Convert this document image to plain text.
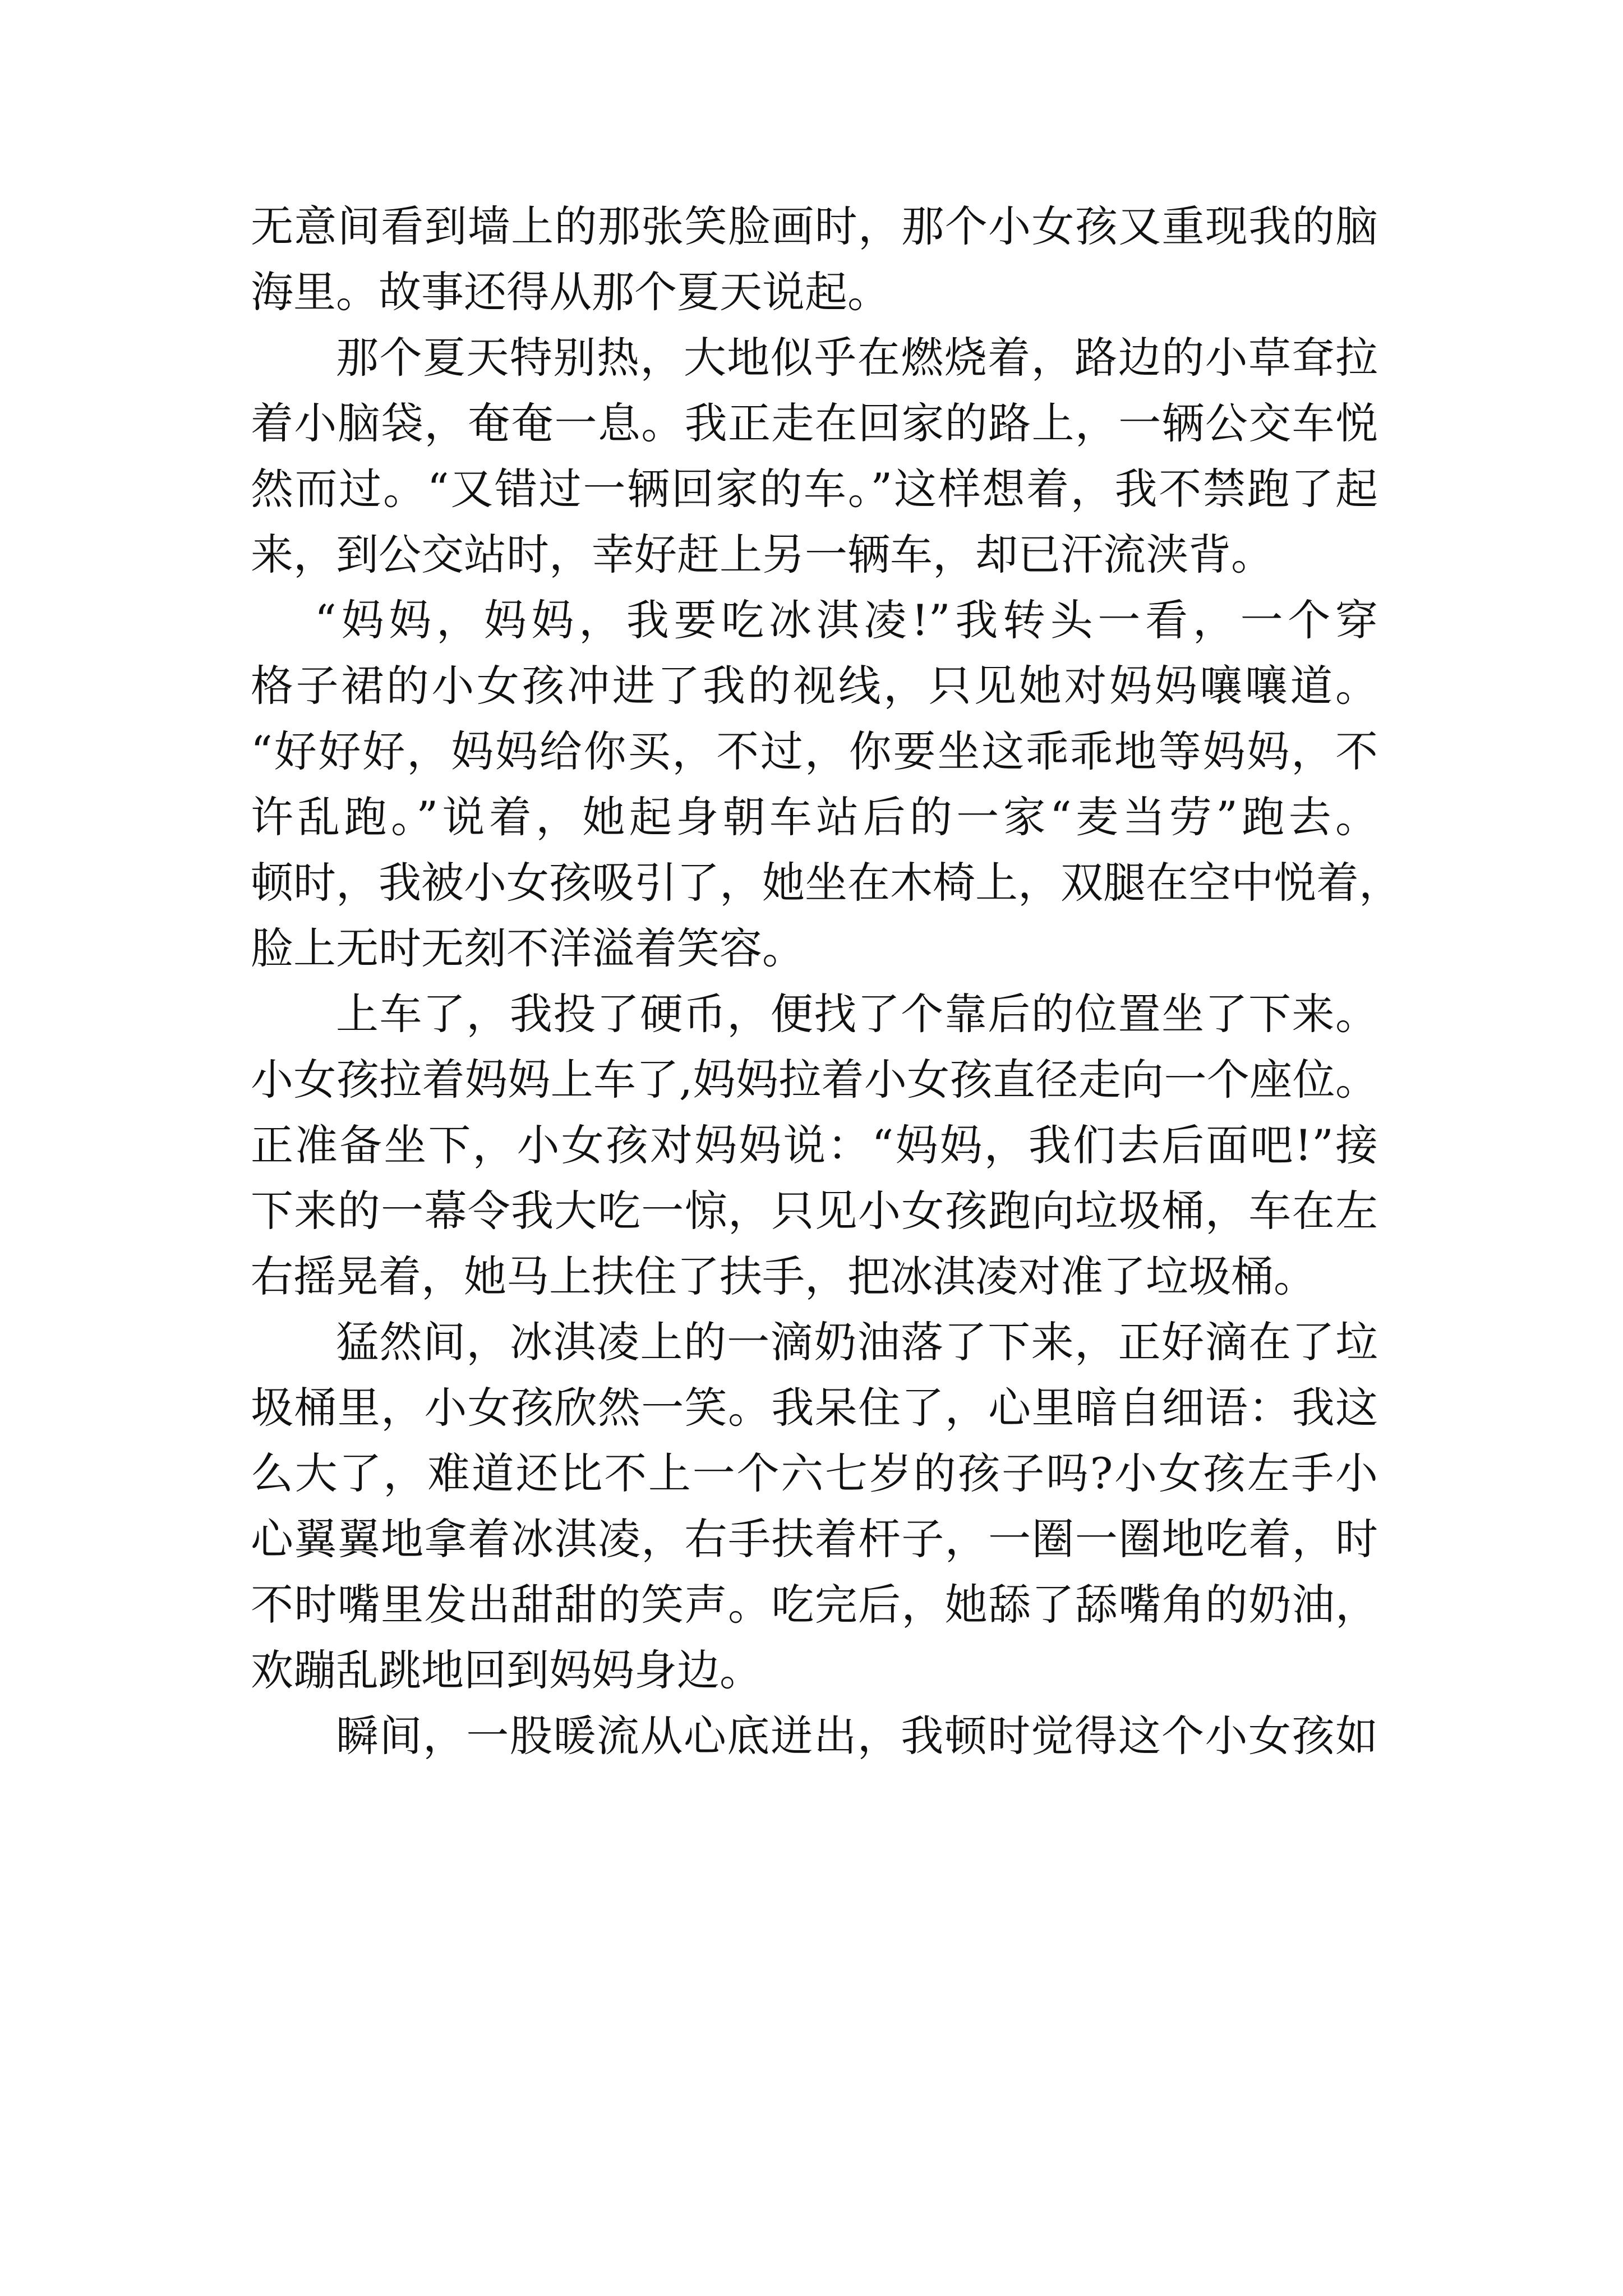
无意间看到墙上的那张笑脸画时，那个小女孩又重现我的脑
海里。故事还得从那个夏天说起。
那个夏天特别热，大地似乎在燃烧着，路边的小草耷拉
着小脑袋，奄奄一息。我正走在回家的路上，一辆公交车悦
然而过。“又错过一辆回家的车。”这样想着，我不禁跑了起
来，到公交站时，幸好赶上另一辆车，却已汗流浃背。
“妈妈，妈妈，我要吃冰淇凌!”我转头一看，一个穿
格子裙的小女孩冲进了我的视线，只见她对妈妈嚷嚷道。
“好好好，妈妈给你买，不过，你要坐这乖乖地等妈妈，不
许乱跑。”说着，她起身朝车站后的一家“麦当劳”跑去。
顿时，我被小女孩吸引了，她坐在木椅上，双腿在空中悦着，
脸上无时无刻不洋溢着笑容。
上车了，我投了硬币，便找了个靠后的位置坐了下来。
小女孩拉着妈妈上车了,妈妈拉着小女孩直径走向一个座位。
正准备坐下，小女孩对妈妈说：“妈妈，我们去后面吧!”接
下来的一幕令我大吃一惊，只见小女孩跑向垃圾桶，车在左
右摇晃着，她马上扶住了扶手，把冰淇凌对准了垃圾桶。
猛然间，冰淇凌上的一滴奶油落了下来，正好滴在了垃
圾桶里，小女孩欣然一笑。我呆住了，心里暗自细语：我这
么大了，难道还比不上一个六七岁的孩子吗?小女孩左手小
心翼翼地拿着冰淇凌，右手扶着杆子，一圈一圈地吃着，时
不时嘴里发出甜甜的笑声。吃完后，她舔了舔嘴角的奶油，
欢蹦乱跳地回到妈妈身边。
瞬间，一股暖流从心底迸出，我顿时觉得这个小女孩如
